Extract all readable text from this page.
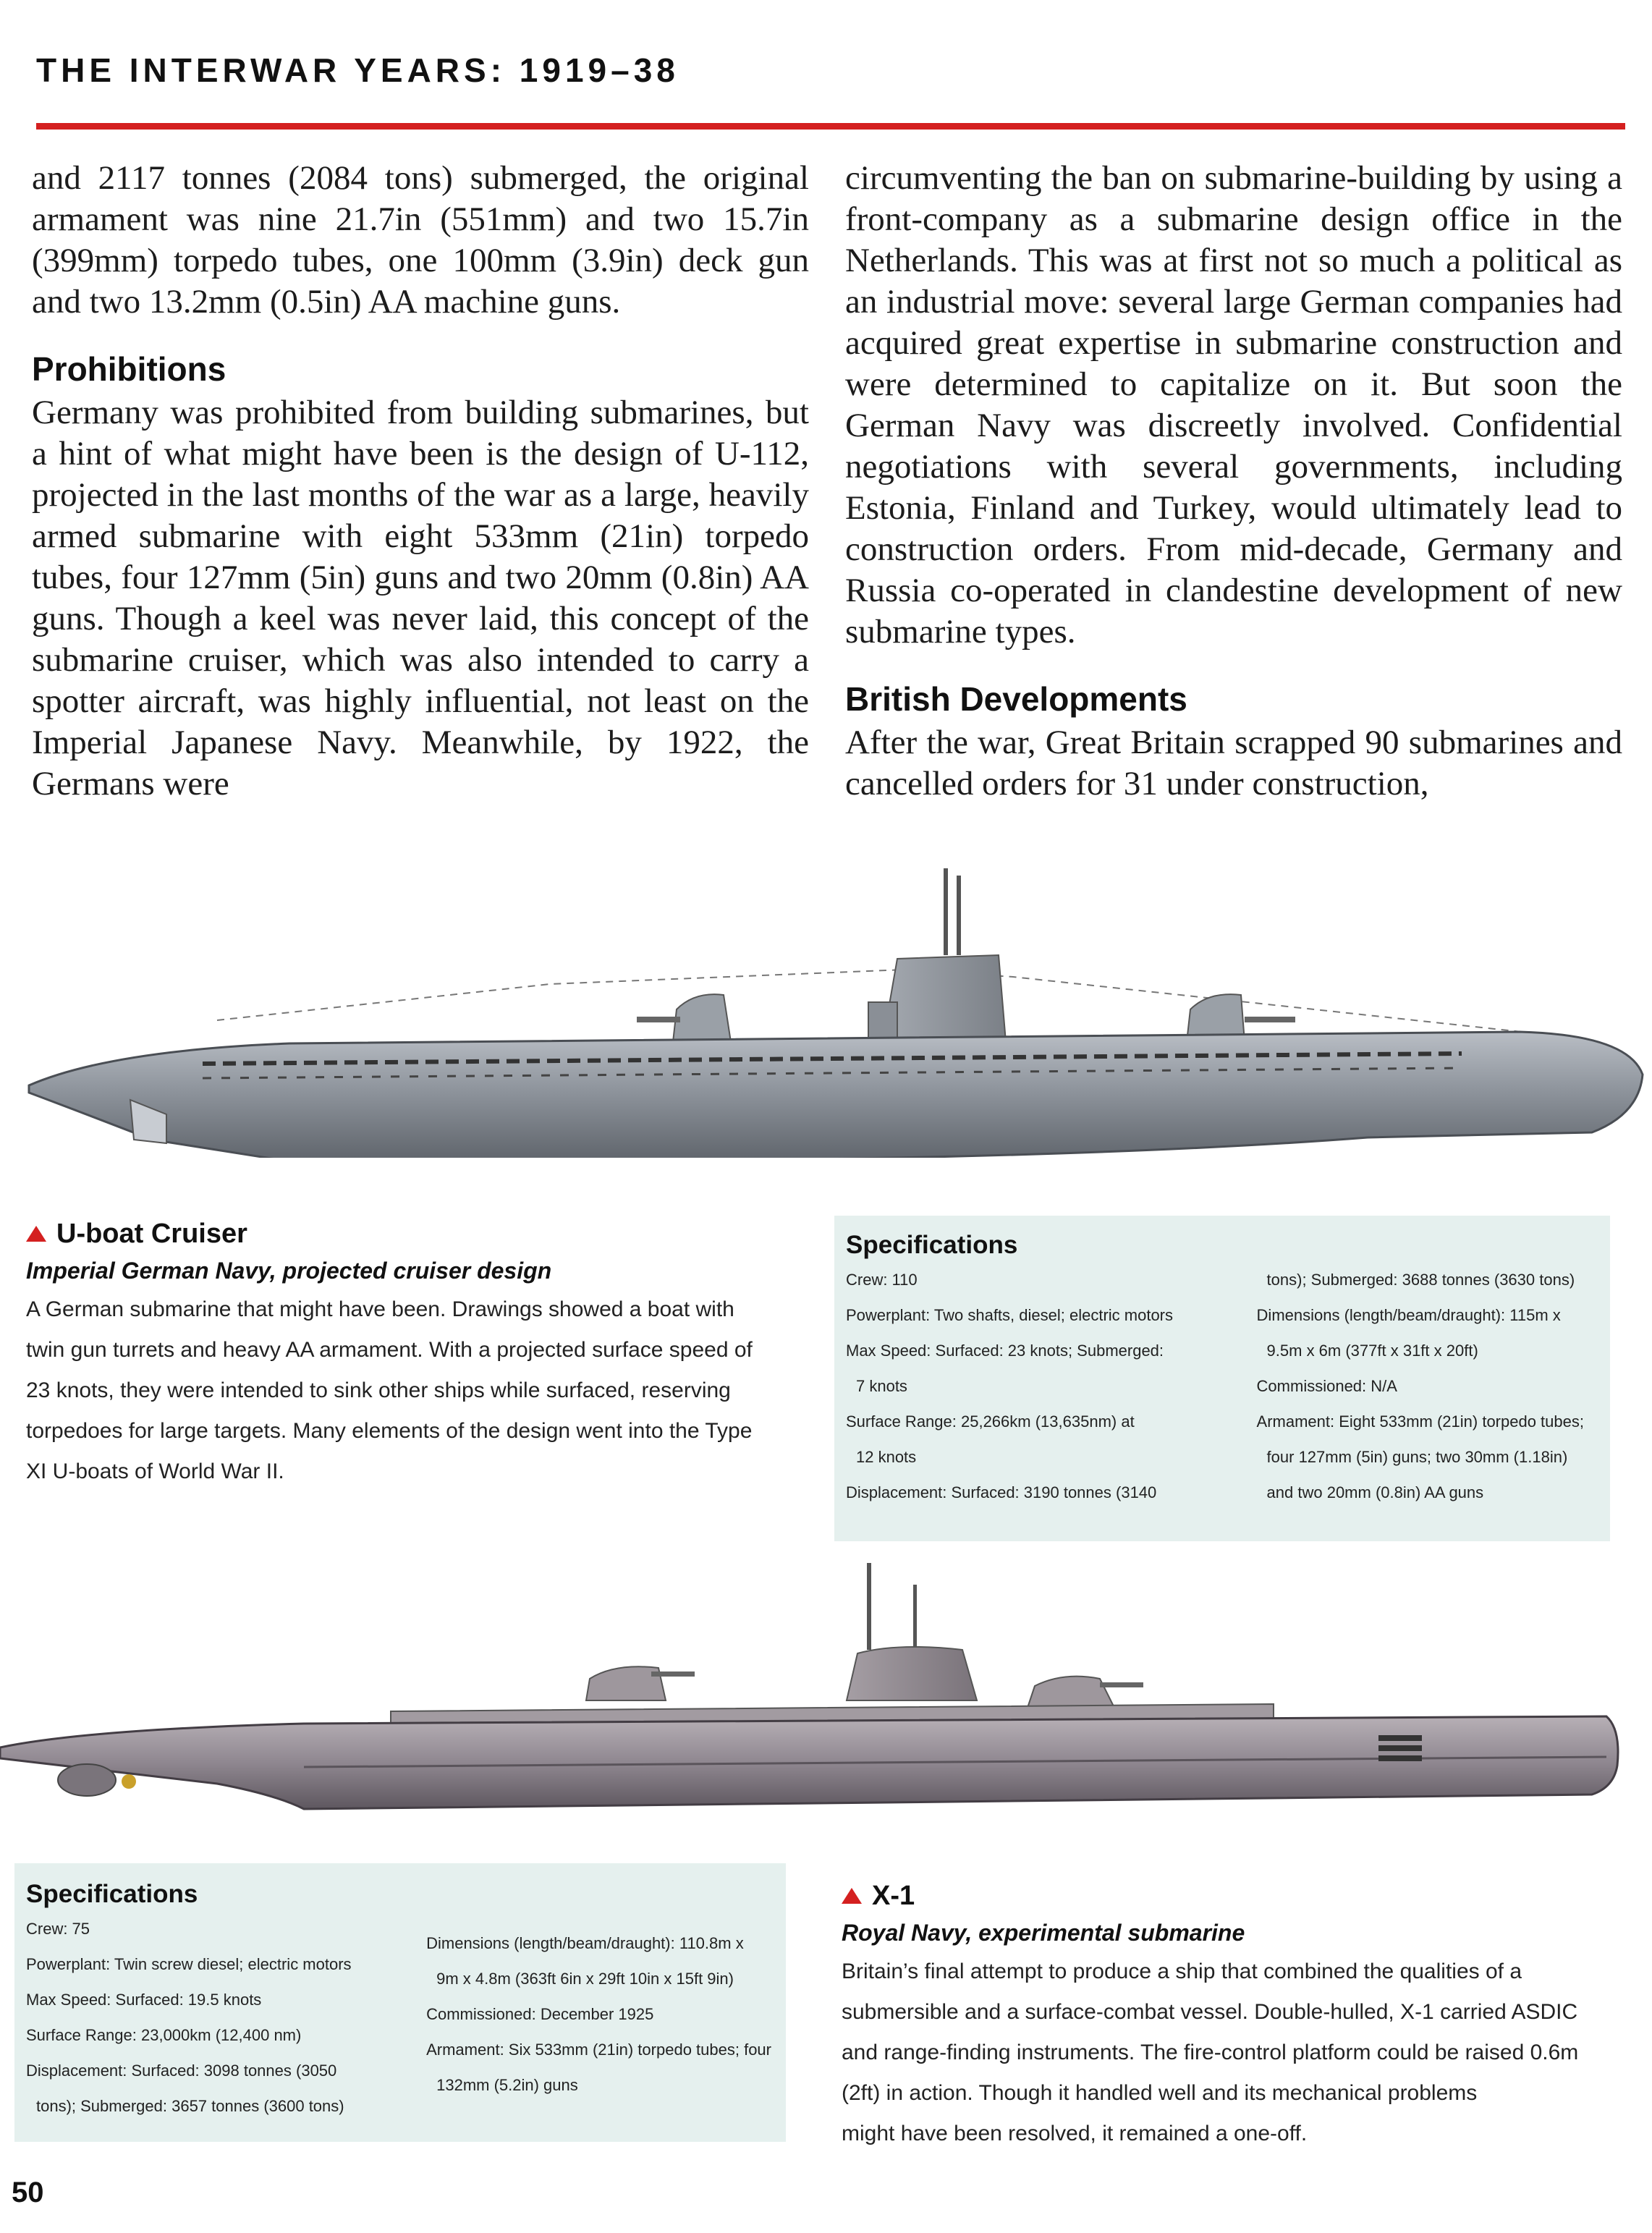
THE INTERWAR YEARS: 1919–38

and 2117 tonnes (2084 tons) submerged, the original armament was nine 21.7in (551mm) and two 15.7in (399mm) torpedo tubes, one 100mm (3.9in) deck gun and two 13.2mm (0.5in) AA machine guns.

Prohibitions

Germany was prohibited from building submarines, but a hint of what might have been is the design of U-112, projected in the last months of the war as a large, heavily armed submarine with eight 533mm (21in) torpedo tubes, four 127mm (5in) guns and two 20mm (0.8in) AA guns. Though a keel was never laid, this concept of the submarine cruiser, which was also intended to carry a spotter aircraft, was highly influential, not least on the Imperial Japanese Navy. Meanwhile, by 1922, the Germans were

circumventing the ban on submarine-building by using a front-company as a submarine design office in the Netherlands. This was at first not so much a political as an industrial move: several large German companies had acquired great expertise in submarine construction and were determined to capitalize on it. But soon the German Navy was discreetly involved. Confidential negotiations with several governments, including Estonia, Finland and Turkey, would ultimately lead to construction orders. From mid-decade, Germany and Russia co-operated in clandestine development of new submarine types.

British Developments

After the war, Great Britain scrapped 90 submarines and cancelled orders for 31 under construction,

U-boat Cruiser
Imperial German Navy, projected cruiser design
A German submarine that might have been. Drawings showed a boat with
twin gun turrets and heavy AA armament. With a projected surface speed of
23 knots, they were intended to sink other ships while surfaced, reserving
torpedoes for large targets. Many elements of the design went into the Type
XI U-boats of World War II.
Specifications
Crew: 110
Powerplant: Two shafts, diesel; electric motors
Max Speed: Surfaced: 23 knots; Submerged:
7 knots
Surface Range: 25,266km (13,635nm) at
12 knots
Displacement: Surfaced: 3190 tonnes (3140
tons); Submerged: 3688 tonnes (3630 tons)
Dimensions (length/beam/draught): 115m x
9.5m x 6m (377ft x 31ft x 20ft)
Commissioned: N/A
Armament: Eight 533mm (21in) torpedo tubes;
four 127mm (5in) guns; two 30mm (1.18in)
and two 20mm (0.8in) AA guns
Specifications
Crew: 75
Powerplant: Twin screw diesel; electric motors
Max Speed: Surfaced: 19.5 knots
Surface Range: 23,000km (12,400 nm)
Displacement: Surfaced: 3098 tonnes (3050
tons); Submerged: 3657 tonnes (3600 tons)
Dimensions (length/beam/draught): 110.8m x
9m x 4.8m (363ft 6in x 29ft 10in x 15ft 9in)
Commissioned: December 1925
Armament: Six 533mm (21in) torpedo tubes; four
132mm (5.2in) guns
X-1
Royal Navy, experimental submarine
Britain’s final attempt to produce a ship that combined the qualities of a
submersible and a surface-combat vessel. Double-hulled, X-1 carried ASDIC
and range-finding instruments. The fire-control platform could be raised 0.6m
(2ft) in action. Though it handled well and its mechanical problems
might have been resolved, it remained a one-off.
50
